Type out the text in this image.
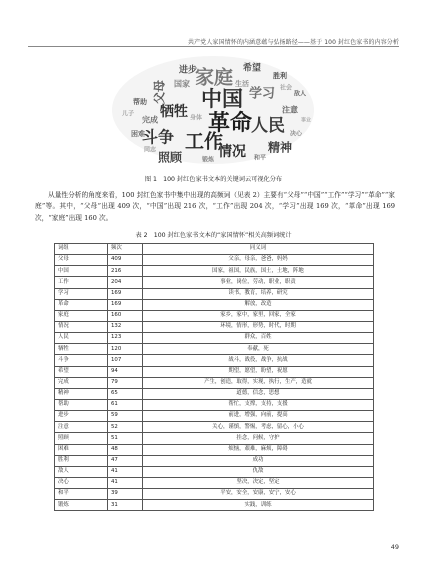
共产党人家国情怀的内涵意蕴与弘扬路径——基于 100 封红色家书的内容分析
家庭
父母 中国 学习
革命
工作
人民
情况
斗争
牺牲
照顾
精神
进步	希望
完成
帮助
注意
胜利
敌人
和平
锻炼
困难	决心
国家	生活
同志
身体
儿子
事业
社会
图 1　100 封红色家书文本的关键词云可视化分布

从量性分析的角度来看，100 封红色家书中集中出现的高频词（见表 2）主要有“父母”“中国”“工作”“学习”“革命”“家庭”等。其中，“父母”出现 409 次，“中国”出现 216 次，“工作”出现 204 次，“学习”出现 169 次，“革命”出现 169 次，“家庭”出现 160 次。

表 2　100 封红色家书文本的“家国情怀”相关高频词统计
词组	频次	同义词
父母	409	父亲，母亲，爸爸，妈妈
中国	216	国家，祖国，民族，国土，土地，阵地
工作	204	事业，岗位，劳动，职业，职责
学习	169	读书，教育，培养，研究
革命	169	解放，改造
家庭	160	家乡，家中，家里，回家，全家
情况	132	环境，情形，形势，时代，时期
人民	123	群众，百姓
牺牲	120	奉献，死
斗争	107	战斗，战役，战争，抗战
希望	94	期望，愿望，盼望，祝愿
完成	79	产生，创造，取得，实现，执行，生产，造就
精神	65	道德，信念，思想
帮助	61	帮忙，支撑，支持，支援
进步	59	前进，增强，向前，提高
注意	52	关心，谨慎，警惕，考虑，留心，小心
照顾	51	挂念，问候，守护
困难	48	烦恼，艰难，麻烦，障碍
胜利	47	成功
敌人	41	仇敌
决心	41	坚决，决定，坚定
和平	39	平安，安全，安康，安宁，安心
锻炼	31	实践，训练
49
